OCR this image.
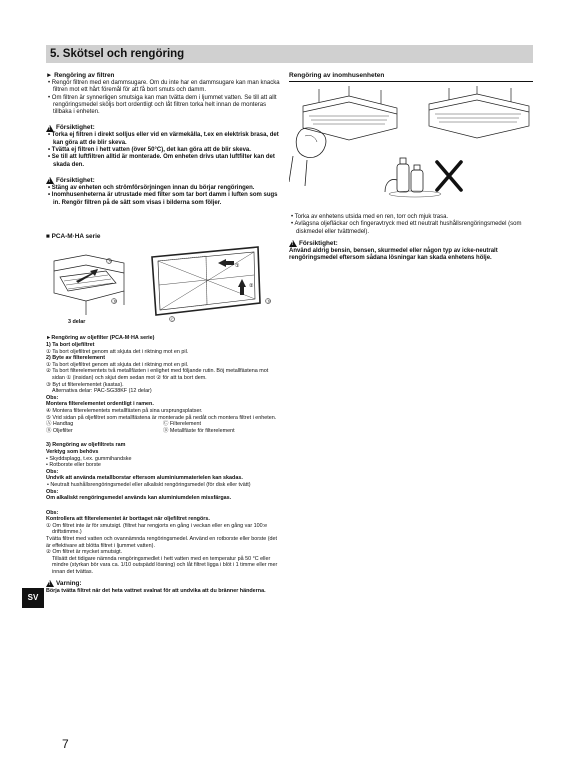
5. Skötsel och rengöring
► Rengöring av filtren

• Rengör filtren med en dammsugare. Om du inte har en dammsugare kan man knacka filtren mot ett hårt föremål för att få bort smuts och damm.

• Om filtren är synnerligen smutsiga kan man tvätta dem i ljummet vatten. Se till att allt rengöringsmedel sköljs bort ordentligt och låt filtren torka helt innan de monteras tillbaka i enheten.

!
Försiktighet:

• Torka ej filtren i direkt solljus eller vid en värmekälla, t.ex en elektrisk brasa, det kan göra att de blir skeva.

• Tvätta ej filtren i hett vatten (över 50°C), det kan göra att de blir skeva.

• Se till att luftfiltren alltid är monterade. Om enheten drivs utan luftfilter kan det skada den.

!
Försiktighet:

• Stäng av enheten och strömförsörjningen innan du börjar rengöringen.

• Inomhusenheterna är utrustade med filter som tar bort damm i luften som sugs in. Rengör filtren på de sätt som visas i bilderna som följer.

■ PCA-M·HA serie
Ⓐ
Ⓑ
①
②
Ⓒ
Ⓓ
3 delar

►Rengöring av oljefilter (PCA-M·HA serie)

1) Ta bort oljefiltret

① Ta bort oljefiltret genom att skjuta det i riktning mot en pil.

2) Byte av filterelement

① Ta bort oljefiltret genom att skjuta det i riktning mot en pil.

② Ta bort filterelementets två metallfästen i enlighet med följande rutin. Böj metallfästena mot sidan ① (insidan) och skjut dem sedan mot ② för att ta bort dem.

③ Byt ut filterelementet (kastas).

Alternativa delar: PAC-SG38KF (12 delar)

Obs:

Montera filterelementet ordentligt i ramen.

④ Montera filterelementets metallfästen på sina ursprungsplatser.

⑤ Vrid sidan på oljefiltret som metallfästena är monterade på nedåt och montera filtret i enheten.

Ⓐ Handtag	Ⓒ Filterelement
Ⓑ Oljefilter	Ⓓ Metallfäste för filterelement

3) Rengöring av oljefiltrets ram

Verktyg som behövs

• Skyddsplagg, t.ex. gummihandske

• Rotborste eller borste

Obs:

Undvik att använda metallborstar eftersom aluminiummaterielen kan skadas.

• Neutralt hushållsrengöringsmedel eller alkaliskt rengöringsmedel (för disk eller tvätt)

Obs:

Om alkaliskt rengöringsmedel används kan aluminiumdelen missfärgas.

Obs:

Kontrollera att filterelementet är borttaget när oljefiltret rengörs.

① Om filtret inte är för smutsigt. (filtret har rengjorts en gång i veckan eller en gång var 100:e driftstimme.)

Tvätta filtret med vatten och ovannämnda rengöringsmedel. Använd en rotborste eller borste (det är effektivare att blötta filtret i ljummet vatten).

② Om filtret är mycket smutsigt.

Tillsätt det tidigare nämnda rengöringsmedlet i hett vatten med en temperatur på 50 °C eller mindre (styrkan bör vara ca. 1/10 outspädd lösning) och låt filtret ligga i blöt i 1 timme eller mer innan det tvättas.

!
Varning:
Börja tvätta filtret när det heta vattnet svalnat för att undvika att du bränner händerna.
Rengöring av inomhusenheten

• Torka av enhetens utsida med en ren, torr och mjuk trasa.

• Avlägsna oljefläckar och fingeravtryck med ett neutralt hushållsrengöringsmedel (som diskmedel eller tvättmedel).

!
Försiktighet:
Använd aldrig bensin, bensen, skurmedel eller någon typ av icke-neutralt rengöringsmedel eftersom sådana lösningar kan skada enhetens hölje.
SV
7
